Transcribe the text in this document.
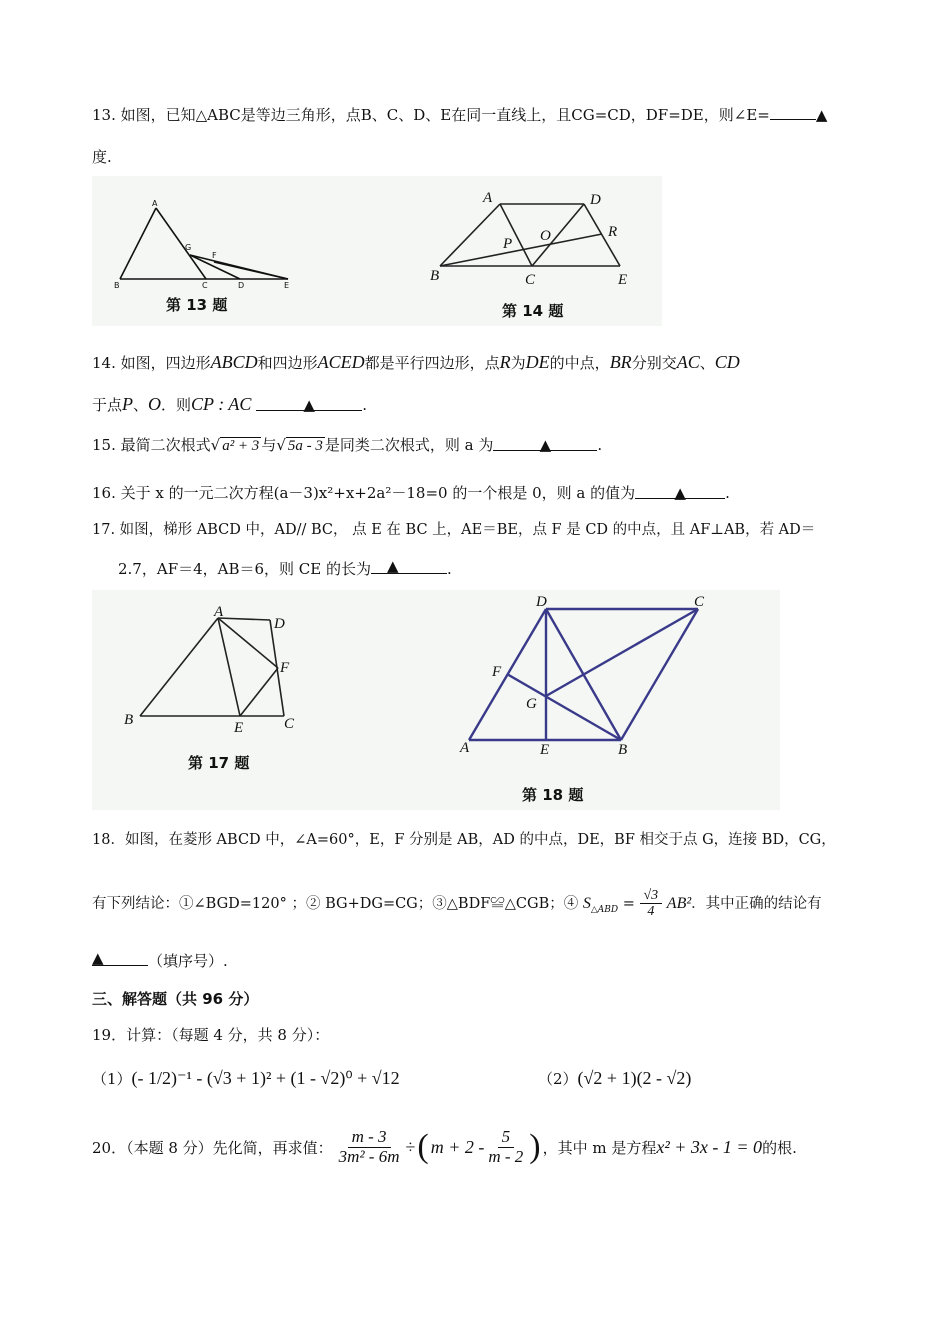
13. 如图，已知△ABC是等边三角形，点B、C、D、E在同一直线上，且CG=CD，DF=DE，则∠E=	▲
度.
A
B	C	D	E
F
G
A
B	C
D
E
O
P
R
第 13 题	第 14 题
14. 如图，四边形ABCD和四边形ACED都是平行四边形，点R为DE的中点，BR分别交AC、CD
于点P、O．则CP : AC	▲	.
15. 最简二次根式√ a² + 3 与√ 5a - 3 是同类二次根式，则 a 为	▲	.
16. 关于 x 的一元二次方程(a－3)x²+x+2a²－18=0 的一个根是 0，则 a 的值为	▲	.
17. 如图，梯形 ABCD 中，AD// BC， 点 E 在 BC 上，AE＝BE，点 F 是 CD 的中点，且 AF⊥AB，若 AD＝
2.7，AF＝4，AB＝6，则 CE 的长为 ▲	.
A
B	C
D
E
F
A	B
C
D
E
F
G
第 17 题
第 18 题
18．如图，在菱形 ABCD 中，∠A=60°，E，F 分别是 AB，AD 的中点，DE，BF 相交于点 G，连接 BD，CG，
有下列结论：①∠BGD=120° ；② BG+DG=CG；③△BDF≌△CGB；④ $S_{\triangle ABD} = \frac{√3}{4} AB^2$．其中正确的结论有
▲	（填序号）.
三、解答题（共 96 分）
19．计算：（每题 4 分，共 8 分）：
（1）(- 1/2)⁻¹ - (√3 + 1)² + (1 - √2)⁰ + √12	（2）(√2 + 1)(2 - √2)
20．（本题 8 分）先化简，再求值： $\frac{m - 3}{\text{3m² - 6m}}$ ÷ ( $m + 2 - \frac{5}{m - 2}$ ) ，其中 m 是方程 x² + 3x - 1 = 0 的根.
